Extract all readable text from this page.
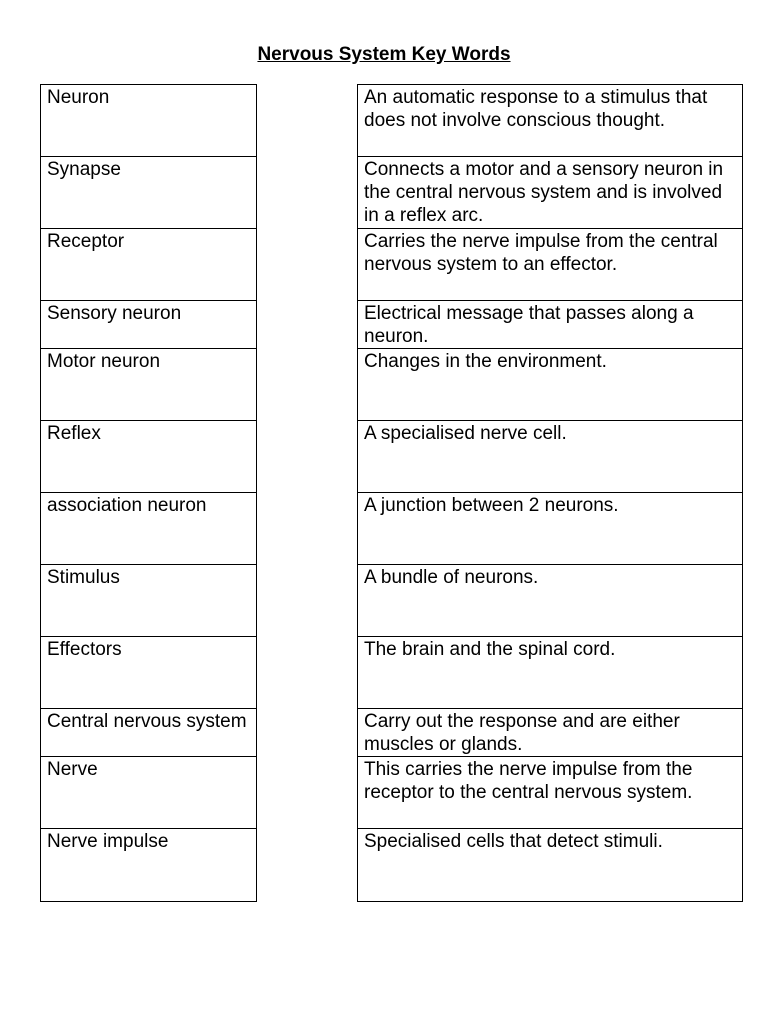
Nervous System Key Words
Neuron
Synapse
Receptor
Sensory neuron
Motor neuron
Reflex
association neuron
Stimulus
Effectors
Central nervous system
Nerve
Nerve impulse
An automatic response to a stimulus that does not involve conscious thought.
Connects a motor and a sensory neuron in the central nervous system and is involved in a reflex arc.
Carries the nerve impulse from the central nervous system to an effector.
Electrical message that passes along a neuron.
Changes in the environment.
A specialised nerve cell.
A junction between 2 neurons.
A bundle of neurons.
The brain and the spinal cord.
Carry out the response and are either muscles or glands.
This carries the nerve impulse from the receptor to the central nervous system.
Specialised cells that detect stimuli.
